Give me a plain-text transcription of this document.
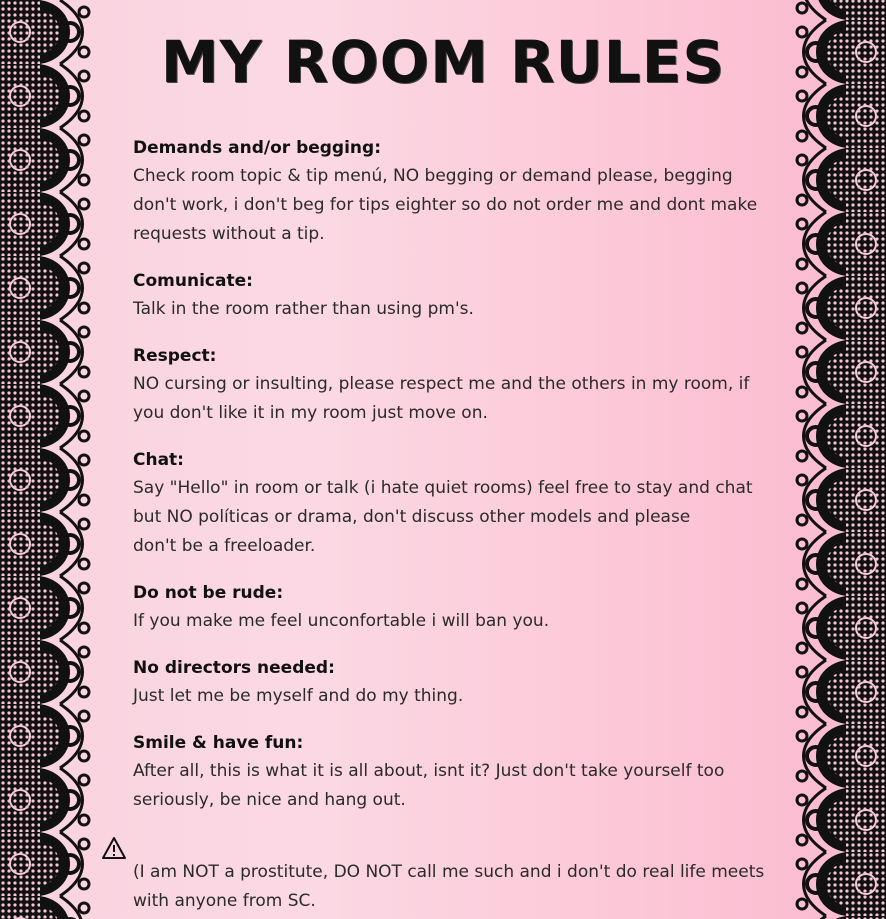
MY ROOM RULES
Demands and/or begging:

Check room topic & tip menú, NO begging or demand please, begging
don't work, i don't beg for tips eighter so do not order me and dont make
requests without a tip.

Comunicate:

Talk in the room rather than using pm's.

Respect:

NO cursing or insulting, please respect me and the others in my room, if
you don't like it in my room just move on.

Chat:

Say "Hello" in room or talk (i hate quiet rooms) feel free to stay and chat
but NO políticas or drama, don't discuss other models and please
don't be a freeloader.

Do not be rude:

If you make me feel unconfortable i will ban you.

No directors needed:

Just let me be myself and do my thing.

Smile & have fun:

After all, this is what it is all about, isnt it? Just don't take yourself too
seriously, be nice and hang out.

(I am NOT a prostitute, DO NOT call me such and i don't do real life meets
with anyone from SC.
